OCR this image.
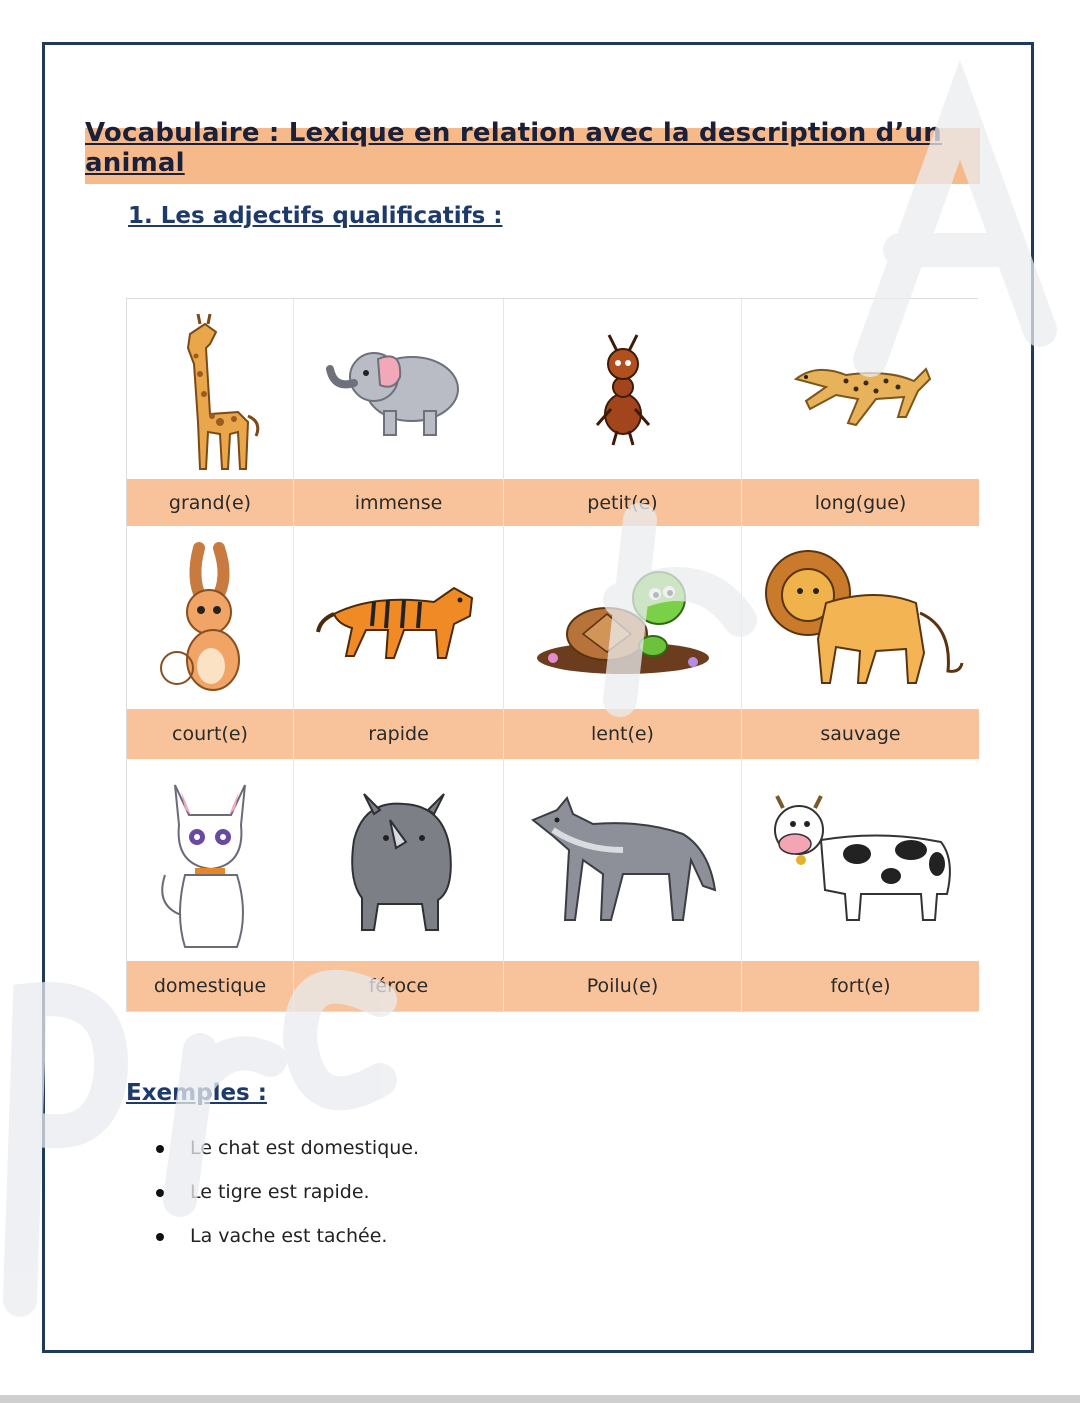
Vocabulaire : Lexique en relation avec la description d’un animal
1. Les adjectifs qualificatifs :
grand(e)	immense	petit(e)	long(gue)
court(e)	rapide	lent(e)	sauvage
domestique	féroce	Poilu(e)	fort(e)
Exemples :
Le chat est domestique.
Le tigre est rapide.
La vache est tachée.
